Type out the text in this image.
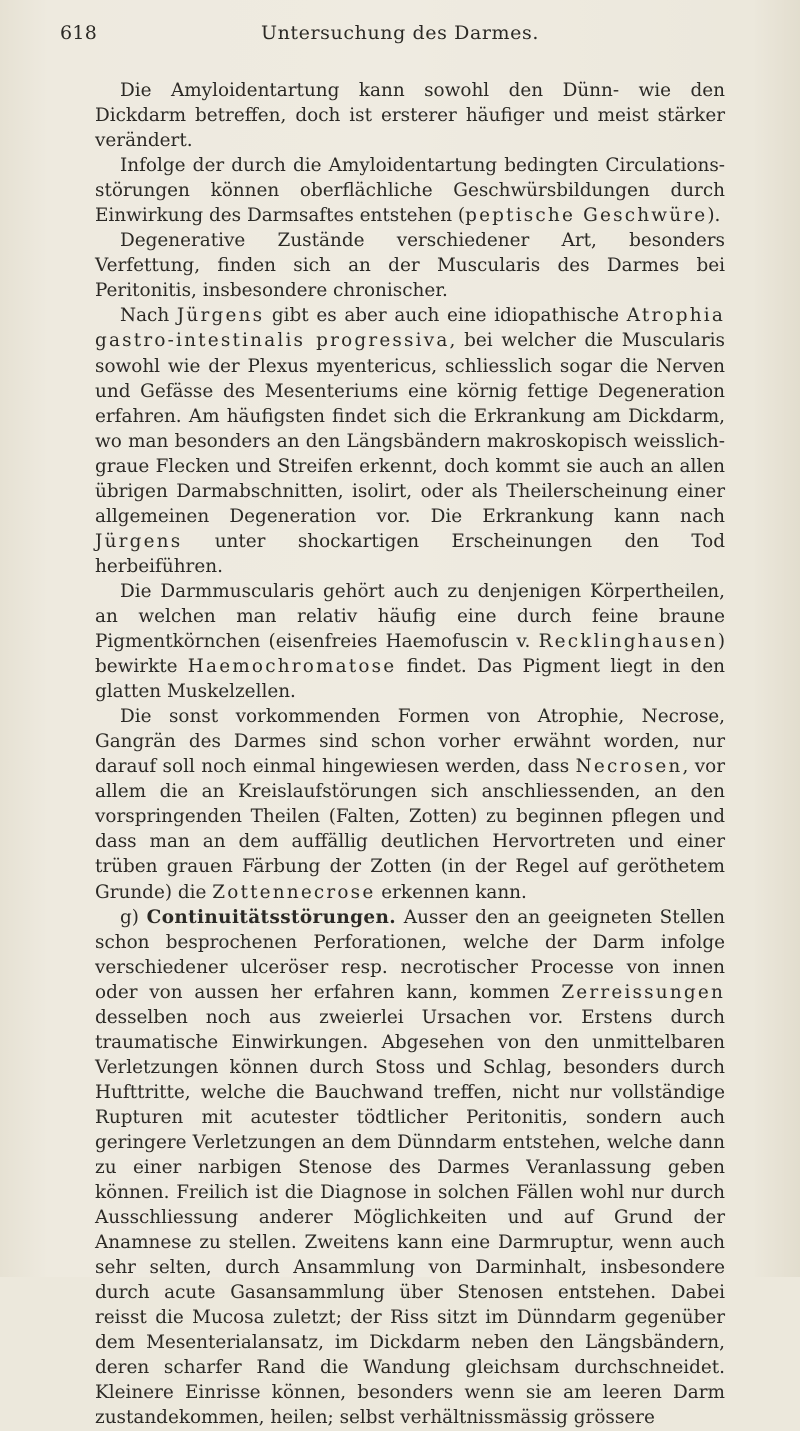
618	Untersuchung des Darmes.

Die Amyloidentartung kann sowohl den Dünn- wie den Dickdarm betreffen, doch ist ersterer häufiger und meist stärker verändert.

Infolge der durch die Amyloidentartung bedingten Circulationsstörungen können oberflächliche Geschwürsbildungen durch Einwirkung des Darmsaftes entstehen (peptische Geschwüre).

Degenerative Zustände verschiedener Art, besonders Verfettung, finden sich an der Muscularis des Darmes bei Peritonitis, insbesondere chronischer.

Nach Jürgens gibt es aber auch eine idiopathische Atrophia gastro-intestinalis progressiva, bei welcher die Muscularis sowohl wie der Plexus myentericus, schliesslich sogar die Nerven und Gefässe des Mesenteriums eine körnig fettige Degeneration erfahren. Am häufigsten findet sich die Erkrankung am Dickdarm, wo man besonders an den Längsbändern makroskopisch weisslich-graue Flecken und Streifen erkennt, doch kommt sie auch an allen übrigen Darmabschnitten, isolirt, oder als Theilerscheinung einer allgemeinen Degeneration vor. Die Erkrankung kann nach Jürgens unter shockartigen Erscheinungen den Tod herbeiführen.

Die Darmmuscularis gehört auch zu denjenigen Körpertheilen, an welchen man relativ häufig eine durch feine braune Pigmentkörnchen (eisenfreies Haemofuscin v. Recklinghausen) bewirkte Haemochromatose findet. Das Pigment liegt in den glatten Muskelzellen.

Die sonst vorkommenden Formen von Atrophie, Necrose, Gangrän des Darmes sind schon vorher erwähnt worden, nur darauf soll noch einmal hingewiesen werden, dass Necrosen, vor allem die an Kreislaufstörungen sich anschliessenden, an den vorspringenden Theilen (Falten, Zotten) zu beginnen pflegen und dass man an dem auffällig deutlichen Hervortreten und einer trüben grauen Färbung der Zotten (in der Regel auf geröthetem Grunde) die Zottennecrose erkennen kann.

g) Continuitätsstörungen. Ausser den an geeigneten Stellen schon besprochenen Perforationen, welche der Darm infolge verschiedener ulceröser resp. necrotischer Processe von innen oder von aussen her erfahren kann, kommen Zerreissungen desselben noch aus zweierlei Ursachen vor. Erstens durch traumatische Einwirkungen. Abgesehen von den unmittelbaren Verletzungen können durch Stoss und Schlag, besonders durch Hufttritte, welche die Bauchwand treffen, nicht nur vollständige Rupturen mit acutester tödtlicher Peritonitis, sondern auch geringere Verletzungen an dem Dünndarm entstehen, welche dann zu einer narbigen Stenose des Darmes Veranlassung geben können. Freilich ist die Diagnose in solchen Fällen wohl nur durch Ausschliessung anderer Möglichkeiten und auf Grund der Anamnese zu stellen. Zweitens kann eine Darmruptur, wenn auch sehr selten, durch Ansammlung von Darminhalt, insbesondere durch acute Gasansammlung über Stenosen entstehen. Dabei reisst die Mucosa zuletzt; der Riss sitzt im Dünndarm gegenüber dem Mesenterialansatz, im Dickdarm neben den Längsbändern, deren scharfer Rand die Wandung gleichsam durchschneidet. Kleinere Einrisse können, besonders wenn sie am leeren Darm zustandekommen, heilen; selbst verhältnissmässig grössere
